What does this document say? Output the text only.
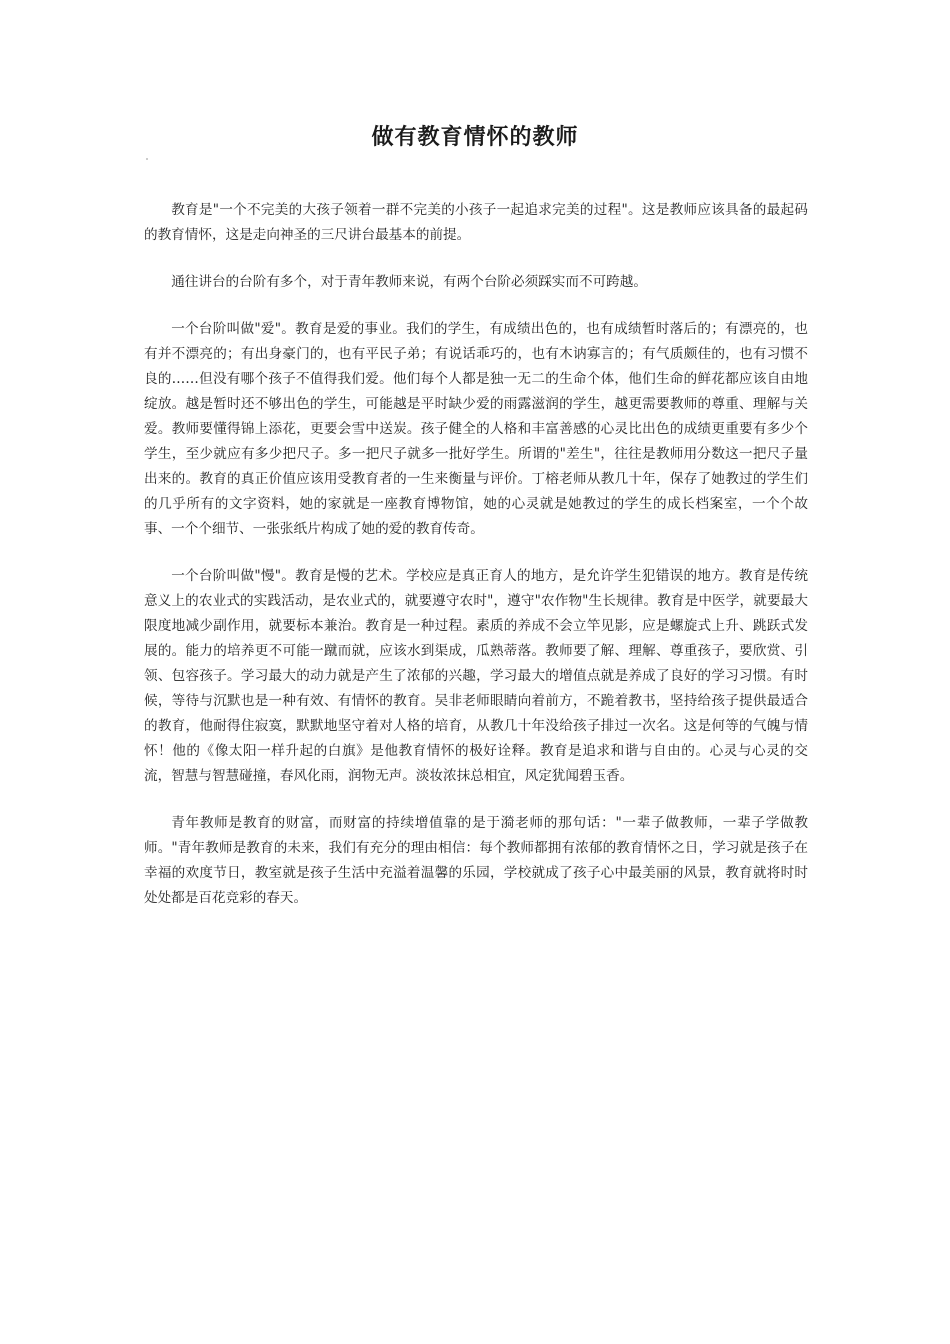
做有教育情怀的教师

教育是"一个不完美的大孩子领着一群不完美的小孩子一起追求完美的过程"。这是教师应该具备的最起码的教育情怀，这是走向神圣的三尺讲台最基本的前提。

通往讲台的台阶有多个，对于青年教师来说，有两个台阶必须踩实而不可跨越。

一个台阶叫做"爱"。教育是爱的事业。我们的学生，有成绩出色的，也有成绩暂时落后的；有漂亮的，也有并不漂亮的；有出身豪门的，也有平民子弟；有说话乖巧的，也有木讷寡言的；有气质颇佳的，也有习惯不良的……但没有哪个孩子不值得我们爱。他们每个人都是独一无二的生命个体，他们生命的鲜花都应该自由地绽放。越是暂时还不够出色的学生，可能越是平时缺少爱的雨露滋润的学生，越更需要教师的尊重、理解与关爱。教师要懂得锦上添花，更要会雪中送炭。孩子健全的人格和丰富善感的心灵比出色的成绩更重要有多少个学生，至少就应有多少把尺子。多一把尺子就多一批好学生。所谓的"差生"，往往是教师用分数这一把尺子量出来的。教育的真正价值应该用受教育者的一生来衡量与评价。丁榕老师从教几十年，保存了她教过的学生们的几乎所有的文字资料，她的家就是一座教育博物馆，她的心灵就是她教过的学生的成长档案室，一个个故事、一个个细节、一张张纸片构成了她的爱的教育传奇。

一个台阶叫做"慢"。教育是慢的艺术。学校应是真正育人的地方，是允许学生犯错误的地方。教育是传统意义上的农业式的实践活动，是农业式的，就要遵守农时"，遵守"农作物"生长规律。教育是中医学，就要最大限度地减少副作用，就要标本兼治。教育是一种过程。素质的养成不会立竿见影，应是螺旋式上升、跳跃式发展的。能力的培养更不可能一蹴而就，应该水到渠成，瓜熟蒂落。教师要了解、理解、尊重孩子，要欣赏、引领、包容孩子。学习最大的动力就是产生了浓郁的兴趣，学习最大的增值点就是养成了良好的学习习惯。有时候，等待与沉默也是一种有效、有情怀的教育。吴非老师眼睛向着前方，不跪着教书，坚持给孩子提供最适合的教育，他耐得住寂寞，默默地坚守着对人格的培育，从教几十年没给孩子排过一次名。这是何等的气魄与情怀！他的《像太阳一样升起的白旗》是他教育情怀的极好诠释。教育是追求和谐与自由的。心灵与心灵的交流，智慧与智慧碰撞，春风化雨，润物无声。淡妆浓抹总相宜，风定犹闻碧玉香。

青年教师是教育的财富，而财富的持续增值靠的是于漪老师的那句话："一辈子做教师，一辈子学做教师。"青年教师是教育的未来，我们有充分的理由相信：每个教师都拥有浓郁的教育情怀之日，学习就是孩子在幸福的欢度节日，教室就是孩子生活中充溢着温馨的乐园，学校就成了孩子心中最美丽的风景，教育就将时时处处都是百花竞彩的春天。
